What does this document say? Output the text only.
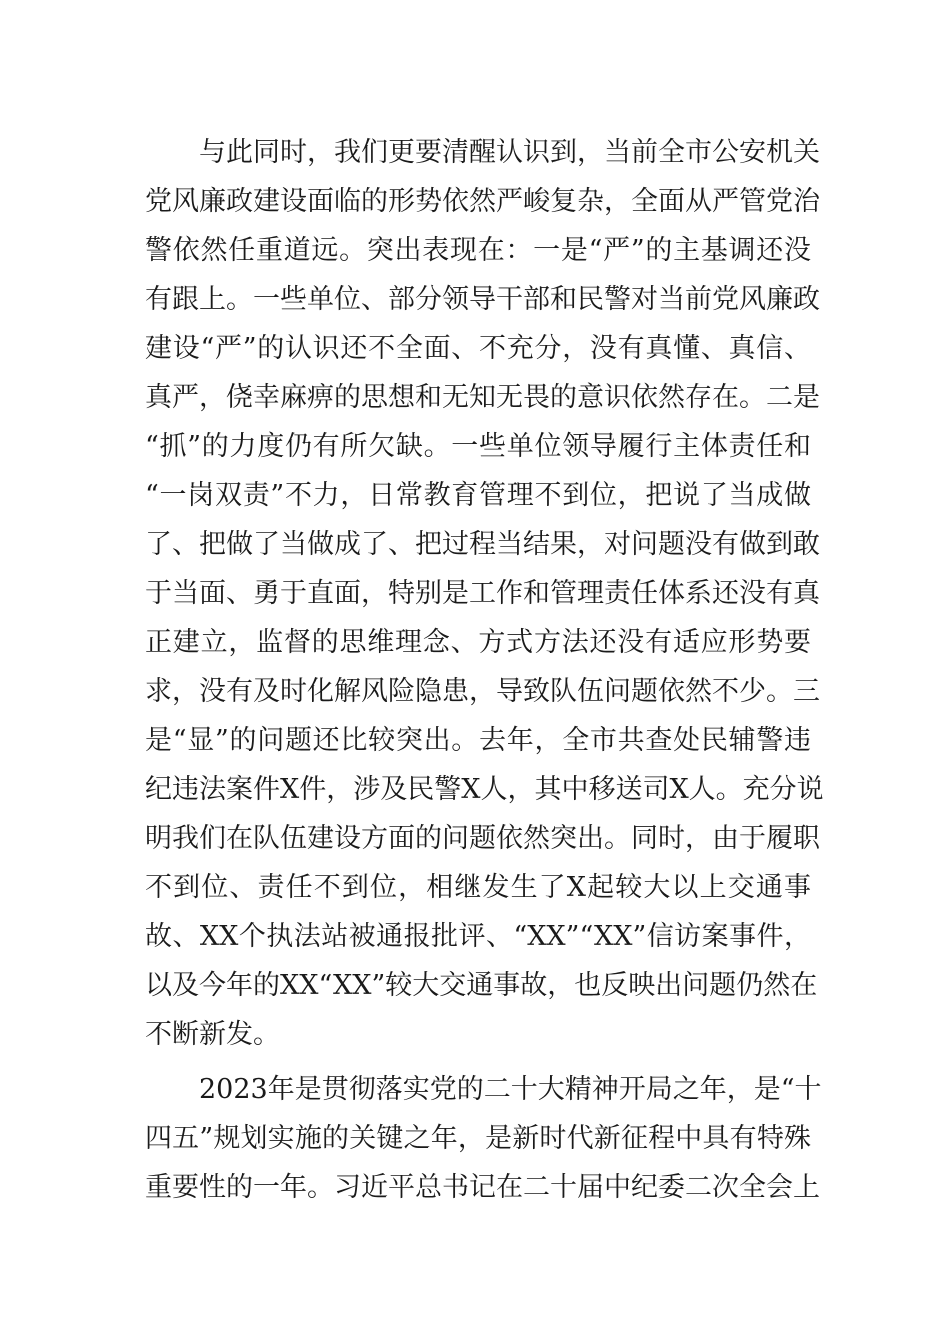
与此同时，我们更要清醒认识到，当前全市公安机关
党风廉政建设面临的形势依然严峻复杂，全面从严管党治
警依然任重道远。突出表现在：一是“严”的主基调还没
有跟上。一些单位、部分领导干部和民警对当前党风廉政
建设“严”的认识还不全面、不充分，没有真懂、真信、
真严，侥幸麻痹的思想和无知无畏的意识依然存在。二是
“抓”的力度仍有所欠缺。一些单位领导履行主体责任和
“一岗双责”不力，日常教育管理不到位，把说了当成做
了、把做了当做成了、把过程当结果，对问题没有做到敢
于当面、勇于直面，特别是工作和管理责任体系还没有真
正建立，监督的思维理念、方式方法还没有适应形势要
求，没有及时化解风险隐患，导致队伍问题依然不少。三
是“显”的问题还比较突出。去年，全市共查处民辅警违
纪违法案件X件，涉及民警X人，其中移送司X人。充分说
明我们在队伍建设方面的问题依然突出。同时，由于履职
不到位、责任不到位，相继发生了X起较大以上交通事
故、XX个执法站被通报批评、“XX”“XX”信访案事件，
以及今年的XX“XX”较大交通事故，也反映出问题仍然在
不断新发。
2023年是贯彻落实党的二十大精神开局之年，是“十
四五”规划实施的关键之年，是新时代新征程中具有特殊
重要性的一年。习近平总书记在二十届中纪委二次全会上
